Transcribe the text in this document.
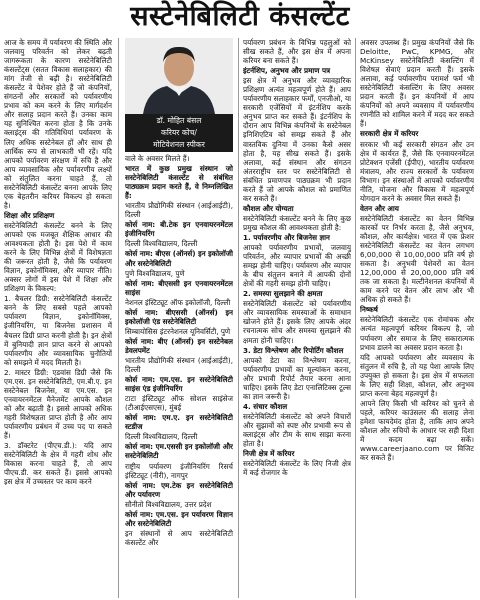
सस्टेनेबिलिटी कंसल्टेंट

आज के समय में पर्यावरण की स्थिति और जलवायु परिवर्तन को लेकर बढ़ती जागरूकता के कारण सस्टेनेबिलिटी कंसल्टेंट्स (सतत विकास सलाहकार) की मांग तेजी से बढ़ी है। सस्टेनेबिलिटी कंसल्टेंट वे पेशेवर होते हैं जो कंपनियों, संगठनों और सरकारों को पर्यावरणीय प्रभाव को कम करने के लिए मार्गदर्शन और सलाह प्रदान करते हैं। उनका काम यह सुनिश्चित करना होता है कि उनके क्लाइंट्स की गतिविधियां पर्यावरण के लिए अधिक सस्टेनेबल हों और साथ ही आर्थिक रूप से लाभकारी भी रहें। यदि आपको पर्यावरण संरक्षण में रुचि है और आप व्यावसायिक और पर्यावरणीय लक्ष्यों को संतुलित करना चाहते हैं, तो सस्टेनेबिलिटी कंसल्टेंट बनना आपके लिए एक बेहतरीन करियर विकल्प हो सकता है।

शिक्षा और प्रशिक्षण

सस्टेनेबिलिटी कंसल्टेंट बनने के लिए आपको एक मजबूत शैक्षिक आधार की आवश्यकता होती है। इस पेशे में काम करने के लिए विभिन्न क्षेत्रों में विशेषज्ञता की जरूरत होती है, जैसे कि पर्यावरण विज्ञान, इकोनॉमिक्स, और व्यापार नीति। अक्सर लोगों में इस पेशे में शिक्षा और प्रशिक्षण के विकल्प:

1. बैचलर डिग्री: सस्टेनेबिलिटी कंसल्टेंट बनने के लिए सबसे पहले आपको पर्यावरण विज्ञान, इकोनॉमिक्स, इंजीनियरिंग, या बिजनेस प्रशासन में बैचलर डिग्री प्राप्त करनी होती है। इन क्षेत्रों में बुनियादी ज्ञान प्राप्त करने से आपको पर्यावरणीय और व्यावसायिक चुनौतियों को समझने में मदद मिलती है।

2. मास्टर डिग्री: एडवांस डिग्री जैसे कि एम.एस. इन सस्टेनेबिलिटी, एम.बी.ए. इन सस्टेनेबल बिजनेस, या एम.एस. इन एनवायरनमेंटल मैनेजमेंट आपके कौशल को और बढ़ाती है। इससे आपको अधिक गहरी विशेषज्ञता प्राप्त होती है और आप पर्यावरणीय प्रबंधन में उच्च पद पा सकते हैं।

3. डॉक्टरेट (पीएच.डी.): यदि आप सस्टेनेबिलिटी के क्षेत्र में गहरी शोध और विकास करना चाहते हैं, तो आप पीएच.डी. कर सकते हैं। इससे आपको इस क्षेत्र में उच्चस्तर पर काम करने

डॉ. मोहित बंसल
करियर कोच/
मोटिवेशनल स्पीकर

वाले के अवसर मिलते हैं।

भारत में कुछ प्रमुख संस्थान जो सस्टेनेबिलिटी कंसल्टेंट से संबंधित पाठ्यक्रम प्रदान करते हैं, वे निम्नलिखित हैं:

भारतीय प्रौद्योगिकी संस्थान (आईआईटी), दिल्ली

कोर्स नाम: बी.टेक इन एनवायरनमेंटल इंजीनियरिंग

दिल्ली विश्वविद्यालय, दिल्ली

कोर्स नाम: बीएस (ऑनर्स) इन इकोलॉजी और सस्टेनेबिलिटी

पुणे विश्वविद्यालय, पुणे

कोर्स नाम: बीएससी इन एनवायरनमेंटल साइंस

नेशनल इंस्टिट्यूट ऑफ इकोलॉजी, दिल्ली

कोर्स नाम: बीएससी (ऑनर्स) इन इकोलॉजी एंड सस्टेनेबिलिटी

सिम्बायोसिस इंटरनेशनल यूनिवर्सिटी, पुणे

कोर्स नाम: बीए (ऑनर्स) इन सस्टेनेबल डेवलपमेंट

भारतीय प्रौद्योगिकी संस्थान (आईआईटी), दिल्ली

कोर्स नाम: एम.एस. इन सस्टेनेबिलिटी साइंस एंड इंजीनियरिंग

टाटा इंस्टिट्यूट ऑफ सोशल साइंसेज (टीआईएसएस), मुंबई

कोर्स नाम: एम.ए. इन सस्टेनेबिलिटी स्टडीज

दिल्ली विश्वविद्यालय, दिल्ली

कोर्स नाम: एम.एससी इन इकोलॉजी और सस्टेनेबिलिटी

राष्ट्रीय पर्यावरण इंजीनियरिंग रिसर्च इंस्टिट्यूट (नीरी), नागपुर

कोर्स नाम: एम.टेक इन सस्टेनेबिलिटी और पर्यावरण

सौनीतो विश्वविद्यालय, उत्तर प्रदेश

कोर्स नाम: एम.एस. इन पर्यावरण विज्ञान और सस्टेनेबिलिटी

इन संस्थानों से आप सस्टेनेबिलिटी कंसल्टेंट और

पर्यावरण प्रबंधन के विभिन्न पहलुओं को सीख सकते हैं, और इस क्षेत्र में अपना करियर बना सकते हैं।

इंटर्नशिप, अनुभव और प्रमाण पत्र

इस क्षेत्र में अनुभव और व्यावहारिक प्रशिक्षण अत्यंत महत्वपूर्ण होते हैं। आप पर्यावरणीय सलाहकार फर्मों, एनजीओ, या सरकारी एजेंसियों में इंटर्नशिप करके अनुभव प्राप्त कर सकते हैं। इंटर्नशिप के दौरान आप विभिन्न कंपनियों के सस्टेनेबल इनिशिएटिव को समझ सकते हैं और वास्तविक दुनिया में उनका कैसे असर होता है, यह सीख सकते हैं। इसके अलावा, कई संस्थान और संगठन अंतरराष्ट्रीय स्तर पर सस्टेनेबिलिटी से संबंधित प्रमाणपत्र पाठ्यक्रम भी प्रदान करते हैं जो आपके कौशल को प्रमाणित कर सकते हैं।

कौशल और योग्यता

सस्टेनेबिलिटी कंसल्टेंट बनने के लिए कुछ प्रमुख कौशल की आवश्यकता होती है:

1. पर्यावरणीय और बिजनेस ज्ञान

आपको पर्यावरणीय प्रभावों, जलवायु परिवर्तन, और व्यापार प्रभावों की अच्छी समझ होनी चाहिए। पर्यावरण और व्यापार के बीच संतुलन बनाने में आपकी दोनों क्षेत्रों की गहरी समझ होनी चाहिए।

2. समस्या सुलझाने की क्षमता

सस्टेनेबिलिटी कंसल्टेंट को पर्यावरणीय और व्यावसायिक समस्याओं के समाधान खोजने होते हैं। इसके लिए आपके अंदर रचनात्मक सोच और समस्या सुलझाने की क्षमता होनी चाहिए।

3. डेटा विश्लेषण और रिपोर्टिंग कौशल

आपको डेटा का विश्लेषण करना, पर्यावरणीय प्रभावों का मूल्यांकन करना, और प्रभावी रिपोर्ट तैयार करना आना चाहिए। इसके लिए डेटा एनालिटिक्स टूल्स का ज्ञान जरूरी है।

4. संचार कौशल

सस्टेनेबिलिटी कंसल्टेंट को अपने विचारों और सुझावों को स्पष्ट और प्रभावी रूप से क्लाइंट्स और टीम के साथ साझा करना होता है।

निजी क्षेत्र में करियर

सस्टेनेबिलिटी कंसल्टेंट के लिए निजी क्षेत्र में कई रोजगार के

अवसर उपलब्ध हैं। प्रमुख कंपनियों जैसे कि Deloitte, PwC, KPMG, और McKinsey सस्टेनेबिलिटी कंसल्टिंग में विशेषज्ञ सेवाएं प्रदान करती हैं। इसके अलावा, कई पर्यावरणीय परामर्श फर्म भी सस्टेनेबिलिटी कंसल्टिंग के लिए अवसर प्रदान करती हैं। इन कंपनियों में आप कंपनियों को अपने व्यवसाय में पर्यावरणीय रणनीति को शामिल करने में मदद कर सकते हैं।

सरकारी क्षेत्र में करियर

सरकार भी कई सरकारी संगठन और उन क्षेत्र में कार्यरत हैं, जैसे कि एनवायरनमेंटल प्रोटेक्शन एजेंसी (ईपीए), भारतीय पर्यावरण मंत्रालय, और राज्य सरकारों के पर्यावरण विभाग। इन संस्थाओं में आपको पर्यावरणीय नीति, योजना और विकास में महत्वपूर्ण योगदान करने के अवसर मिल सकते हैं।

वेतन और आय

सस्टेनेबिलिटी कंसल्टेंट का वेतन विभिन्न कारकों पर निर्भर करता है, जैसे अनुभव, कौशल, और कार्यक्षेत्र। भारत में एक फ्रेशर सस्टेनेबिलिटी कंसल्टेंट का वेतन लगभग 6,00,000 से 10,00,000 प्रति वर्ष हो सकता है। अनुभवी पेशेवरों का वेतन 12,00,000 से 20,00,000 प्रति वर्ष तक जा सकता है। मल्टीनेशनल कंपनियों में काम करने पर वेतन और लाभ और भी अधिक हो सकते हैं।

निष्कर्ष

सस्टेनेबिलिटी कंसल्टेंट एक रोमांचक और अत्यंत महत्वपूर्ण करियर विकल्प है, जो पर्यावरण और समाज के लिए सकारात्मक प्रभाव डालने का अवसर प्रदान करता है।

यदि आपको पर्यावरण और व्यवसाय के संतुलन में रुचि है, तो यह पेशा आपके लिए उपयुक्त हो सकता है। इस क्षेत्र में सफलता के लिए सही शिक्षा, कौशल, और अनुभव प्राप्त करना बेहद महत्वपूर्ण है।

आपने लिए किसी भी करियर को चुनने से पहले, करियर काउंसलर की सलाह लेना हमेशा फायदेमंद होता है, ताकि आप अपने कौशल और रुचियों के आधार पर सही दिशा में कदम बढ़ा सकें। www.careerjaano.com पर विजिट कर सकते हैं।
